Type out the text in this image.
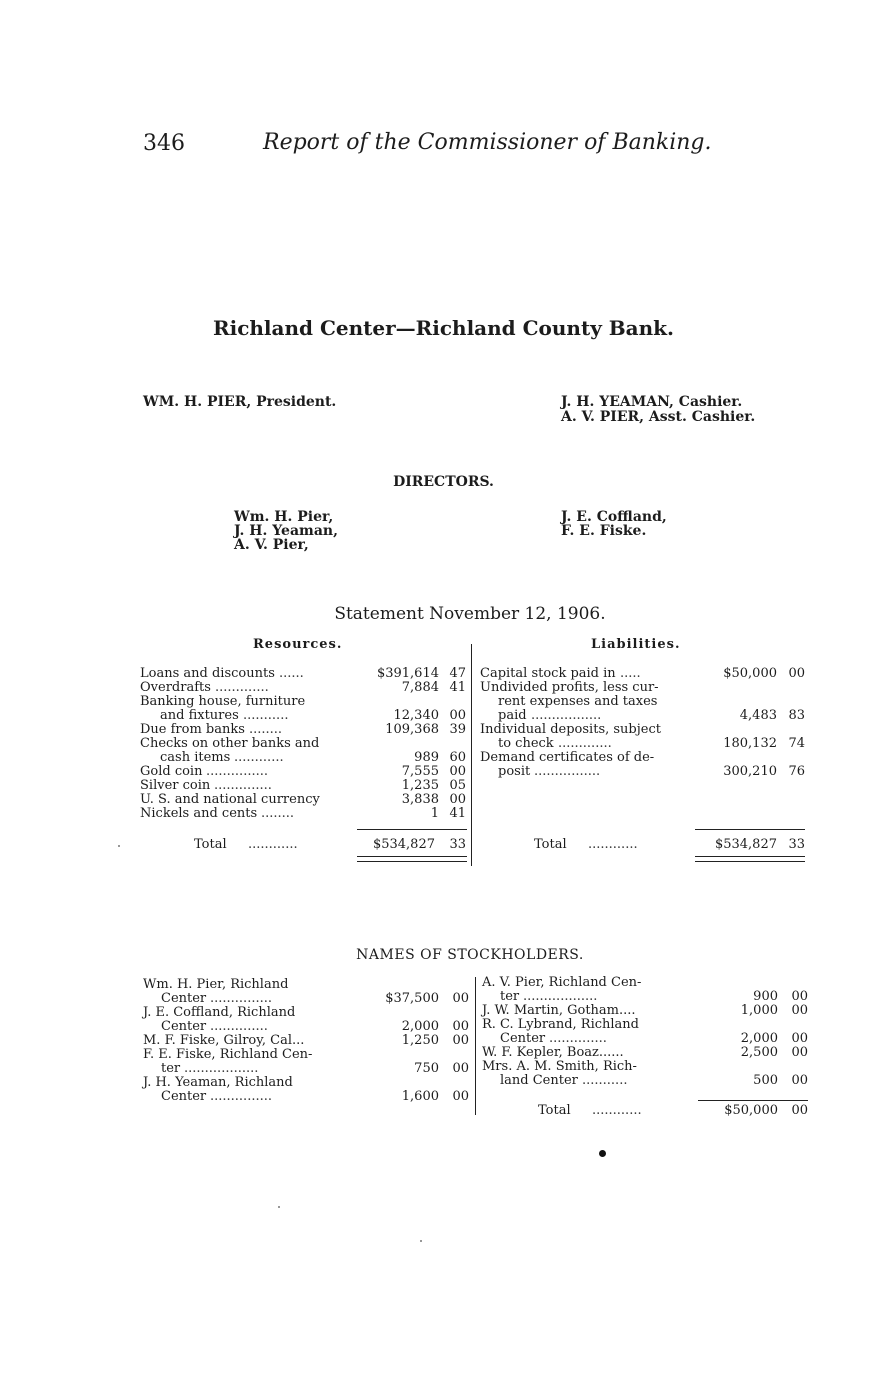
346	Report of the Commissioner of Banking.
Richland Center—Richland County Bank.
WM. H. PIER, President.	J. H. YEAMAN, Cashier.
A. V. PIER, Asst. Cashier.
DIRECTORS.
Wm. H. Pier,
J. H. Yeaman,
A. V. Pier,
J. E. Coffland,
F. E. Fiske.
Statement November 12, 1906.
Resources.	Liabilities.
Loans and discounts ......	$391,614 47
Overdrafts .............	7,884 41
Banking house, furniture
and fixtures ...........	12,340 00
Due from banks ........	109,368 39
Checks on other banks and
cash items ............	989 60
Gold coin ...............	7,555 00
Silver coin ..............	1,235 05
U. S. and national currency	3,838 00
Nickels and cents ........	1 41
Total ............	$534,827 33
Capital stock paid in .....	$50,000 00
Undivided profits, less cur-
rent expenses and taxes
paid .................	4,483 83
Individual deposits, subject
to check .............	180,132 74
Demand certificates of de-
posit ................	300,210 76
Total ............	$534,827 33
NAMES OF STOCKHOLDERS.
Wm. H. Pier, Richland
Center ...............	$37,500 00
J. E. Coffland, Richland
Center ..............	2,000 00
M. F. Fiske, Gilroy, Cal...	1,250 00
F. E. Fiske, Richland Cen-
ter ..................	750 00
J. H. Yeaman, Richland
Center ...............	1,600 00
A. V. Pier, Richland Cen-
ter ..................	900 00
J. W. Martin, Gotham....	1,000 00
R. C. Lybrand, Richland
Center ..............	2,000 00
W. F. Kepler, Boaz......	2,500 00
Mrs. A. M. Smith, Rich-
land Center ...........	500 00
Total ............	$50,000 00
